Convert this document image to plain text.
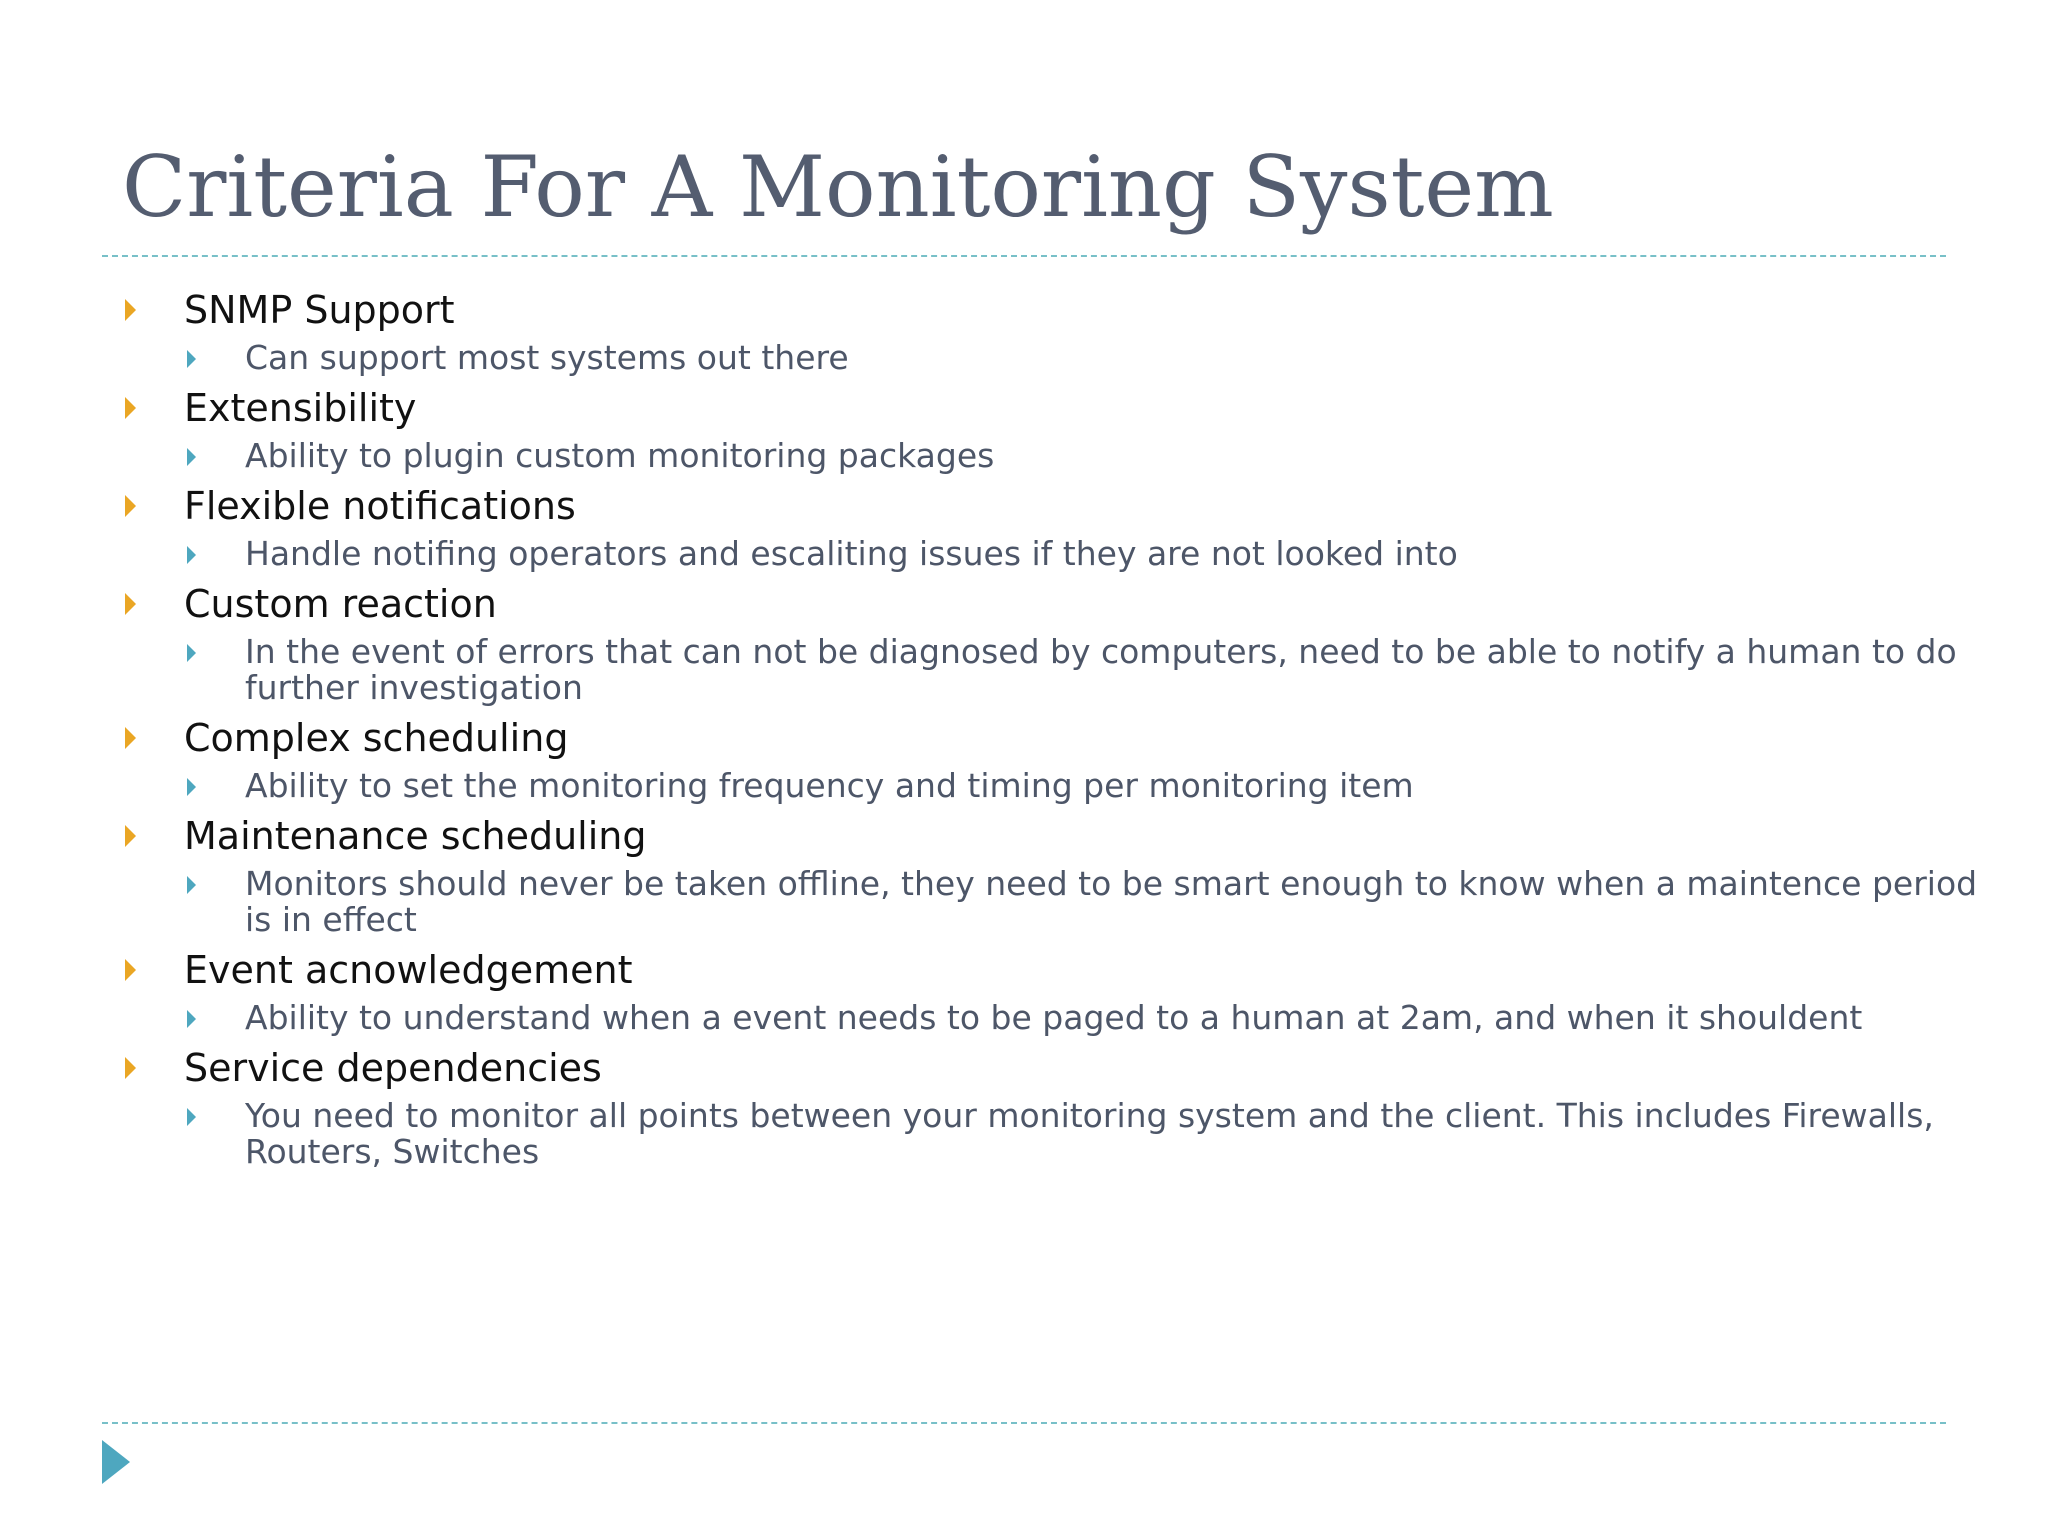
Criteria For A Monitoring System
SNMP Support
Can support most systems out there
Extensibility
Ability to plugin custom monitoring packages
Flexible notifications
Handle notifing operators and escaliting issues if they are not looked into
Custom reaction
In the event of errors that can not be diagnosed by computers, need to be able to notify a human to do further investigation
Complex scheduling
Ability to set the monitoring frequency and timing per monitoring item
Maintenance scheduling
Monitors should never be taken offline, they need to be smart enough to know when a maintence period is in effect
Event acnowledgement
Ability to understand when a event needs to be paged to a human at 2am, and when it shouldent
Service dependencies
You need to monitor all points between your monitoring system and the client. This includes Firewalls, Routers, Switches
